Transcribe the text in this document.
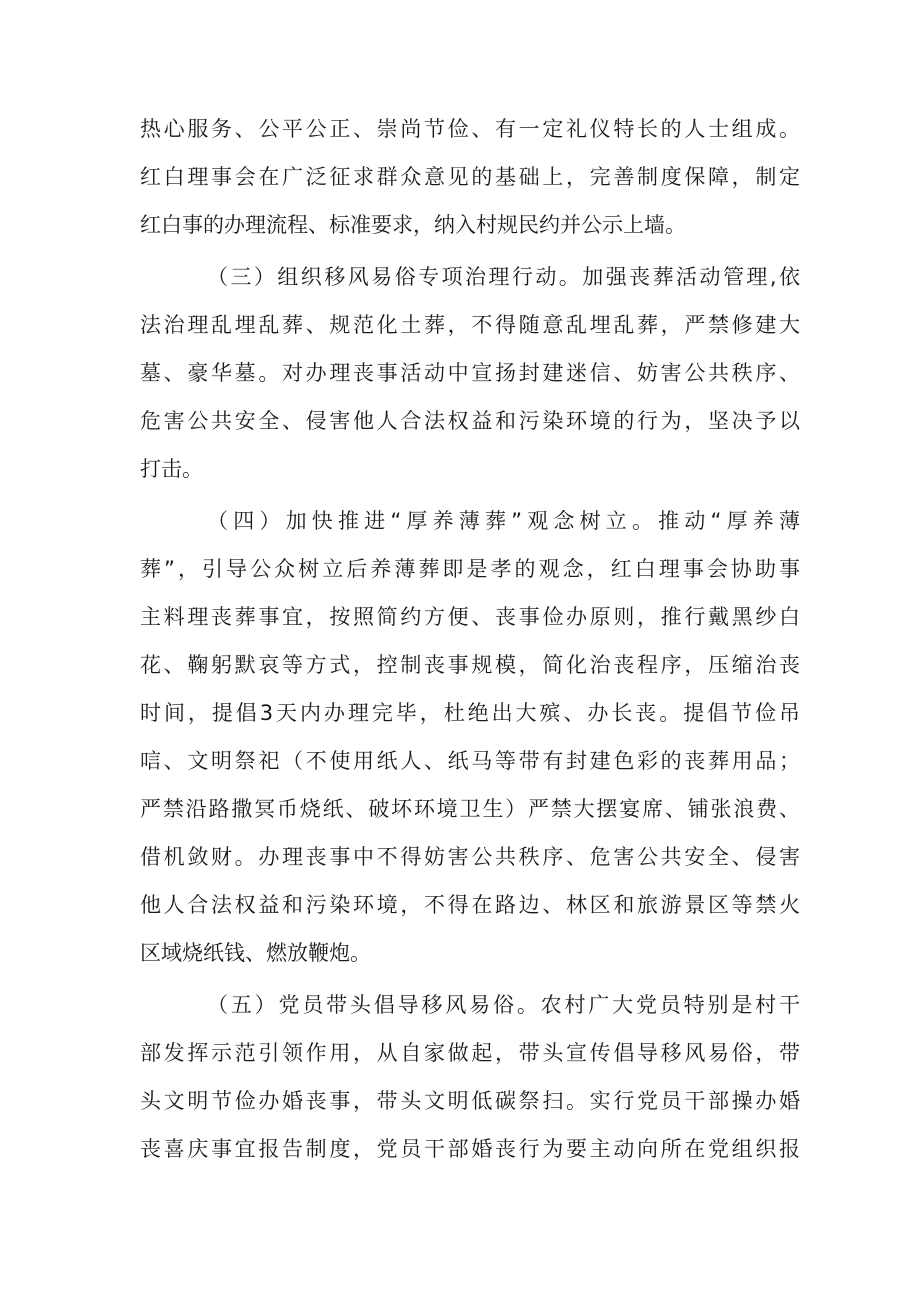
热心服务、公平公正、崇尚节俭、有一定礼仪特长的人士组成。

红白理事会在广泛征求群众意见的基础上，完善制度保障，制定

红白事的办理流程、标准要求，纳入村规民约并公示上墙。

（三）组织移风易俗专项治理行动。加强丧葬活动管理,依

法治理乱埋乱葬、规范化土葬，不得随意乱埋乱葬，严禁修建大

墓、豪华墓。对办理丧事活动中宣扬封建迷信、妨害公共秩序、

危害公共安全、侵害他人合法权益和污染环境的行为，坚决予以

打击。

（四）加快推进“厚养薄葬”观念树立。推动“厚养薄

葬”，引导公众树立后养薄葬即是孝的观念，红白理事会协助事

主料理丧葬事宜，按照简约方便、丧事俭办原则，推行戴黑纱白

花、鞠躬默哀等方式，控制丧事规模，简化治丧程序，压缩治丧

时间，提倡3天内办理完毕，杜绝出大殡、办长丧。提倡节俭吊

唁、文明祭祀（不使用纸人、纸马等带有封建色彩的丧葬用品；

严禁沿路撒冥币烧纸、破坏环境卫生）严禁大摆宴席、铺张浪费、

借机敛财。办理丧事中不得妨害公共秩序、危害公共安全、侵害

他人合法权益和污染环境，不得在路边、林区和旅游景区等禁火

区域烧纸钱、燃放鞭炮。

（五）党员带头倡导移风易俗。农村广大党员特别是村干

部发挥示范引领作用，从自家做起，带头宣传倡导移风易俗，带

头文明节俭办婚丧事，带头文明低碳祭扫。实行党员干部操办婚

丧喜庆事宜报告制度，党员干部婚丧行为要主动向所在党组织报
